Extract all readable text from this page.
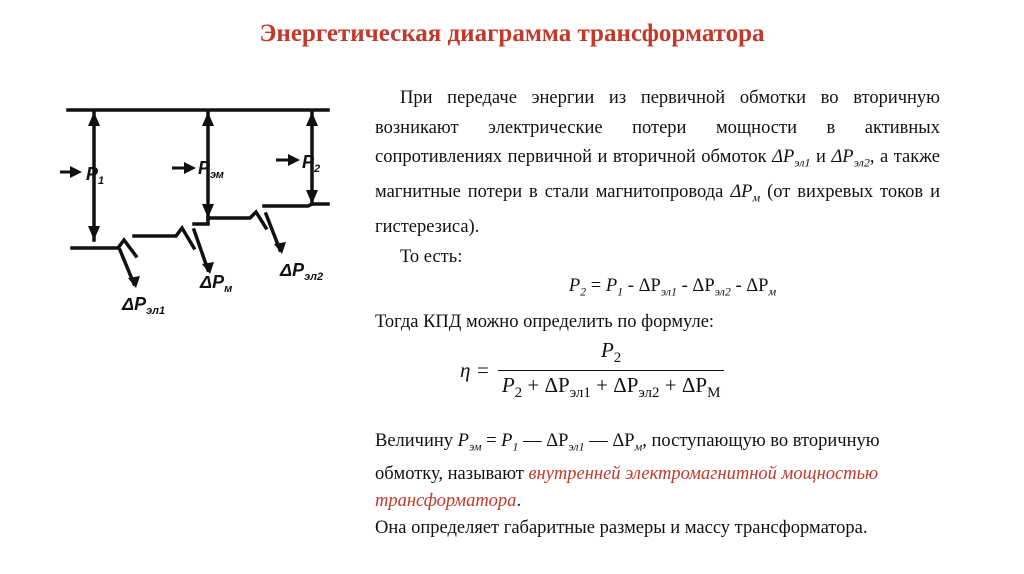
Энергетическая диаграмма трансформатора
$P_1$
$P_{эм}$
$P_2$
$\Delta P_{эл1}$
$\Delta P_м$
$\Delta P_{эл2}$

При передаче энергии из первичной обмотки во вторичную возникают электрические потери мощности в активных сопротивлениях первичной и вторичной обмоток $\Delta P_{эл1}$ и $\Delta P_{эл2}$, а также магнитные потери в стали магнитопровода $\Delta P_м$ (от вихревых токов и гистерезиса).

То есть:

$P_2 = P_1 - \Delta P_{эл1} - \Delta P_{эл2} - \Delta P_м$

Тогда КПД можно определить по формуле:

$\eta = \frac{P_2}{P_2 + \Delta P_{эл1} + \Delta P_{эл2} + \Delta P_М}$
Величину $P_{эм} = P_1$ — $\Delta P_{эл1}$ — $\Delta P_м$, поступающую во вторичную обмотку, называют внутренней электромагнитной мощностью трансформатора.
Она определяет габаритные размеры и массу трансформатора.
